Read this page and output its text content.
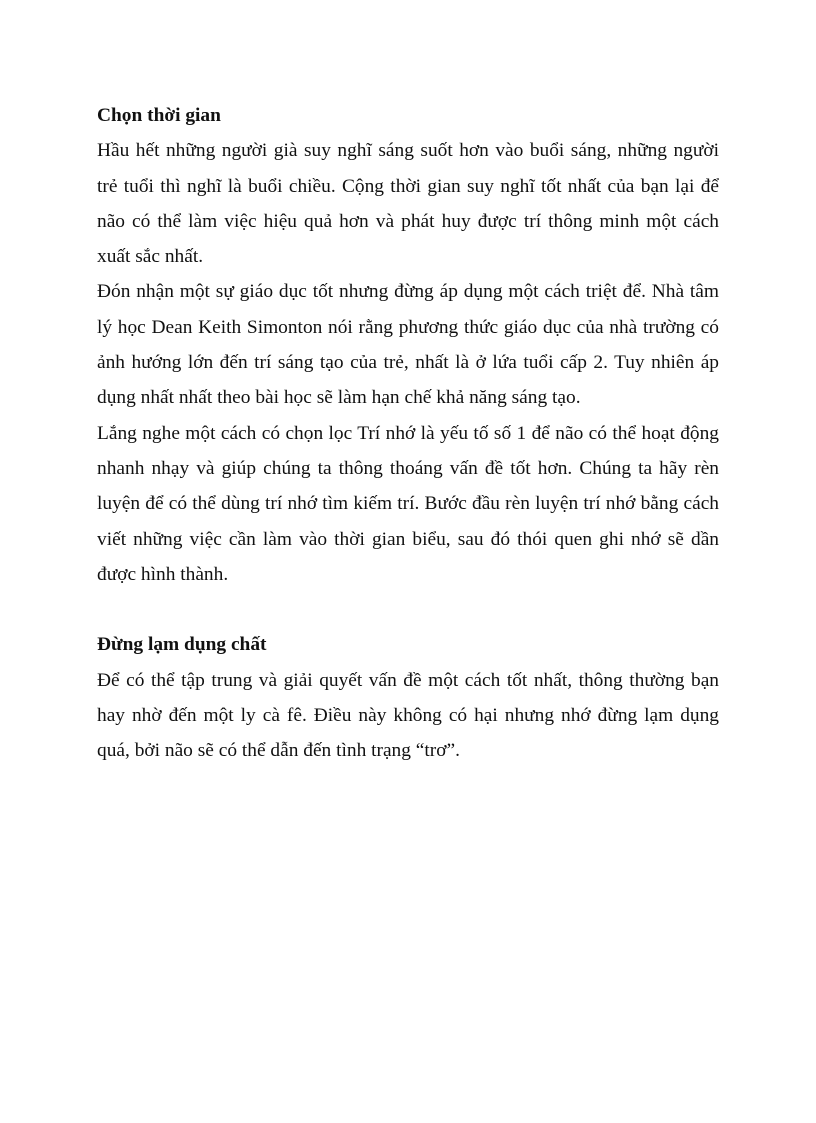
Chọn thời gian

Hầu hết những người già suy nghĩ sáng suốt hơn vào buổi sáng, những người trẻ tuổi thì nghĩ là buổi chiều. Cộng thời gian suy nghĩ tốt nhất của bạn lại để não có thể làm việc hiệu quả hơn và phát huy được trí thông minh một cách xuất sắc nhất.

Đón nhận một sự giáo dục tốt nhưng đừng áp dụng một cách triệt để. Nhà tâm lý học Dean Keith Simonton nói rằng phương thức giáo dục của nhà trường có ảnh hướng lớn đến trí sáng tạo của trẻ, nhất là ở lứa tuổi cấp 2. Tuy nhiên áp dụng nhất nhất theo bài học sẽ làm hạn chế khả năng sáng tạo.

Lắng nghe một cách có chọn lọc Trí nhớ là yếu tố số 1 để não có thể hoạt động nhanh nhạy và giúp chúng ta thông thoáng vấn đề tốt hơn. Chúng ta hãy rèn luyện để có thể dùng trí nhớ tìm kiếm trí. Bước đầu rèn luyện trí nhớ bằng cách viết những việc cần làm vào thời gian biểu, sau đó thói quen ghi nhớ sẽ dần được hình thành.

Đừng lạm dụng chất

Để có thể tập trung và giải quyết vấn đề một cách tốt nhất, thông thường bạn hay nhờ đến một ly cà fê. Điều này không có hại nhưng nhớ đừng lạm dụng quá, bởi não sẽ có thể dẫn đến tình trạng “trơ”.
